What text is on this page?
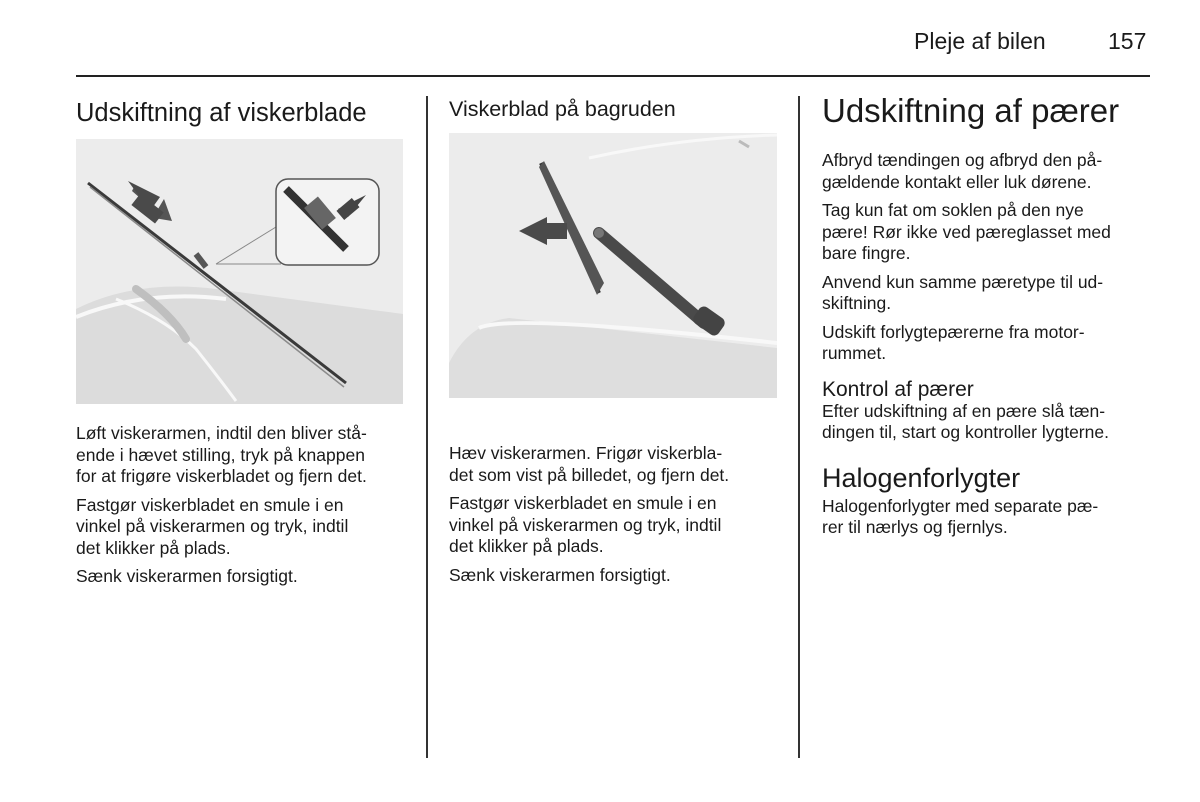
Pleje af bilen	157
Udskiftning af viskerblade

Løft viskerarmen, indtil den bliver stå-
ende i hævet stilling, tryk på knappen
for at frigøre viskerbladet og fjern det.

Fastgør viskerbladet en smule i en
vinkel på viskerarmen og tryk, indtil
det klikker på plads.

Sænk viskerarmen forsigtigt.

Viskerblad på bagruden

Hæv viskerarmen. Frigør viskerbla-
det som vist på billedet, og fjern det.

Fastgør viskerbladet en smule i en
vinkel på viskerarmen og tryk, indtil
det klikker på plads.

Sænk viskerarmen forsigtigt.

Udskiftning af pærer

Afbryd tændingen og afbryd den på-
gældende kontakt eller luk dørene.

Tag kun fat om soklen på den nye
pære! Rør ikke ved pæreglasset med
bare fingre.

Anvend kun samme pæretype til ud-
skiftning.

Udskift forlygtepærerne fra motor-
rummet.

Kontrol af pærer

Efter udskiftning af en pære slå tæn-
dingen til, start og kontroller lygterne.

Halogenforlygter

Halogenforlygter med separate pæ-
rer til nærlys og fjernlys.
